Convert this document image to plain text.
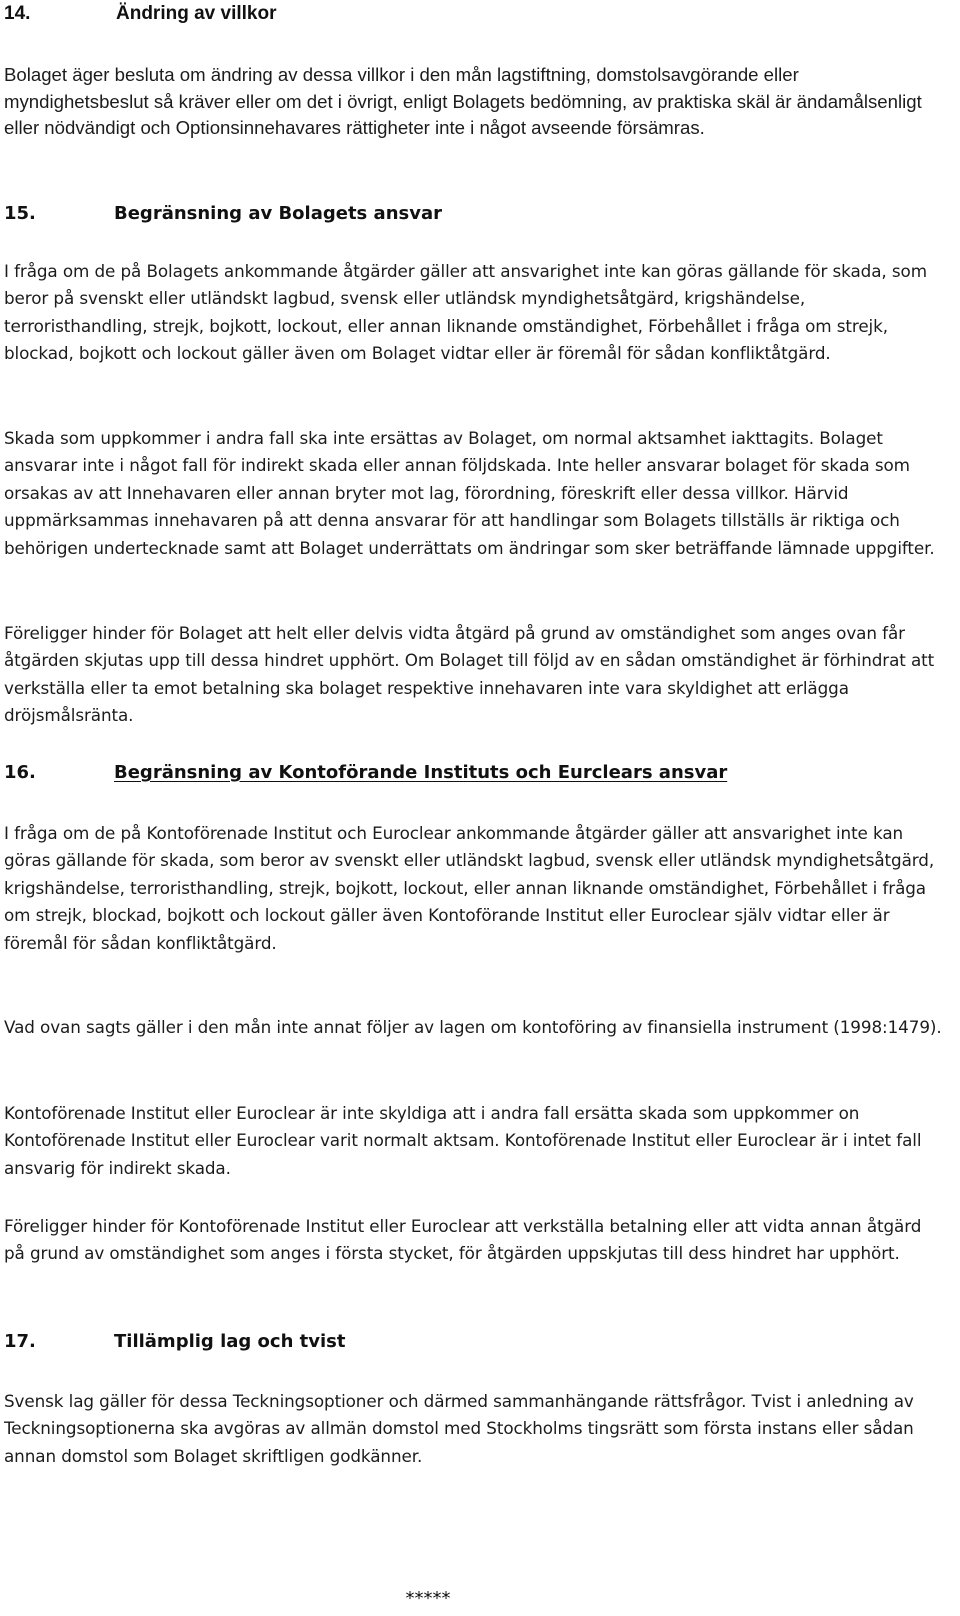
14.	Ändring av villkor

Bolaget äger besluta om ändring av dessa villkor i den mån lagstiftning, domstolsavgörande eller myndighetsbeslut så kräver eller om det i övrigt, enligt Bolagets bedömning, av praktiska skäl är ändamålsenligt eller nödvändigt och Optionsinnehavares rättigheter inte i något avseende försämras.

15.	Begränsning av Bolagets ansvar

I fråga om de på Bolagets ankommande åtgärder gäller att ansvarighet inte kan göras gällande för skada, som beror på svenskt eller utländskt lagbud, svensk eller utländsk myndighetsåtgärd, krigshändelse, terroristhandling, strejk, bojkott, lockout, eller annan liknande omständighet, Förbehållet i fråga om strejk, blockad, bojkott och lockout gäller även om Bolaget vidtar eller är föremål för sådan konfliktåtgärd.

Skada som uppkommer i andra fall ska inte ersättas av Bolaget, om normal aktsamhet iakttagits. Bolaget ansvarar inte i något fall för indirekt skada eller annan följdskada. Inte heller ansvarar bolaget för skada som orsakas av att Innehavaren eller annan bryter mot lag, förordning, föreskrift eller dessa villkor. Härvid uppmärksammas innehavaren på att denna ansvarar för att handlingar som Bolagets tillställs är riktiga och behörigen undertecknade samt att Bolaget underrättats om ändringar som sker beträffande lämnade uppgifter.

Föreligger hinder för Bolaget att helt eller delvis vidta åtgärd på grund av omständighet som anges ovan får åtgärden skjutas upp till dessa hindret upphört. Om Bolaget till följd av en sådan omständighet är förhindrat att verkställa eller ta emot betalning ska bolaget respektive innehavaren inte vara skyldighet att erlägga dröjsmålsränta.

16.	Begränsning av Kontoförande Instituts och Eurclears ansvar

I fråga om de på Kontoförenade Institut och Euroclear ankommande åtgärder gäller att ansvarighet inte kan göras gällande för skada, som beror av svenskt eller utländskt lagbud, svensk eller utländsk myndighetsåtgärd, krigshändelse, terroristhandling, strejk, bojkott, lockout, eller annan liknande omständighet, Förbehållet i fråga om strejk, blockad, bojkott och lockout gäller även Kontoförande Institut eller Euroclear själv vidtar eller är föremål för sådan konfliktåtgärd.

Vad ovan sagts gäller i den mån inte annat följer av lagen om kontoföring av finansiella instrument (1998:1479).

Kontoförenade Institut eller Euroclear är inte skyldiga att i andra fall ersätta skada som uppkommer on Kontoförenade Institut eller Euroclear varit normalt aktsam. Kontoförenade Institut eller Euroclear är i intet fall ansvarig för indirekt skada.

Föreligger hinder för Kontoförenade Institut eller Euroclear att verkställa betalning eller att vidta annan åtgärd på grund av omständighet som anges i första stycket, för åtgärden uppskjutas till dess hindret har upphört.

17.	Tillämplig lag och tvist

Svensk lag gäller för dessa Teckningsoptioner och därmed sammanhängande rättsfrågor. Tvist i anledning av Teckningsoptionerna ska avgöras av allmän domstol med Stockholms tingsrätt som första instans eller sådan annan domstol som Bolaget skriftligen godkänner.

*****
